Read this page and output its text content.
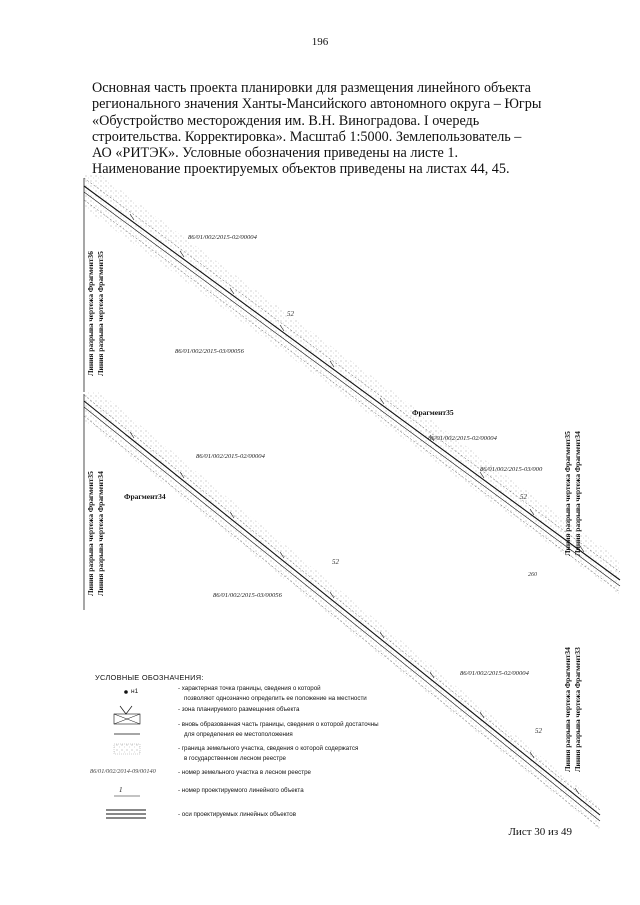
196
Основная часть проекта планировки для размещения линейного объекта
регионального значения Ханты-Мансийского автономного округа – Югры
«Обустройство месторождения им. В.Н. Виноградова. I очередь
строительства. Корректировка». Масштаб 1:5000. Землепользователь –
АО «РИТЭК». Условные обозначения приведены на листе 1.
Наименование проектируемых объектов приведены на листах 44, 45.
Линия разрыва чертежа Фрагмент36 Линия разрыва чертежа Фрагмент35
Линия разрыва чертежа Фрагмент35 Линия разрыва чертежа Фрагмент34	Линия разрыва чертежа Фрагмент35 Линия разрыва чертежа Фрагмент34
Линия разрыва чертежа Фрагмент34 Линия разрыва чертежа Фрагмент33
Фрагмент35
Фрагмент34
86/01/002/2015-02/00004
86/01/002/2015-03/00056
86/01/002/2015-02/00004
86/01/002/2015-03/000
86/01/002/2015-02/00004
86/01/002/2015-03/00056
86/01/002/2015-02/00004
52
52
52
52
260
УСЛОВНЫЕ ОБОЗНАЧЕНИЯ:
н1
86/01/002/2014-09/00140
1
- характерная точка границы, сведения о которой
позволяют однозначно определить ее положение на местности
- зона планируемого размещения объекта
- вновь образованная часть границы, сведения о которой достаточны
для определения ее местоположения
- граница земельного участка, сведения о которой содержатся
в государственном лесном реестре
- номер земельного участка в лесном реестре
- номер проектируемого линейного объекта
- оси проектируемых линейных объектов
Лист 30 из 49
